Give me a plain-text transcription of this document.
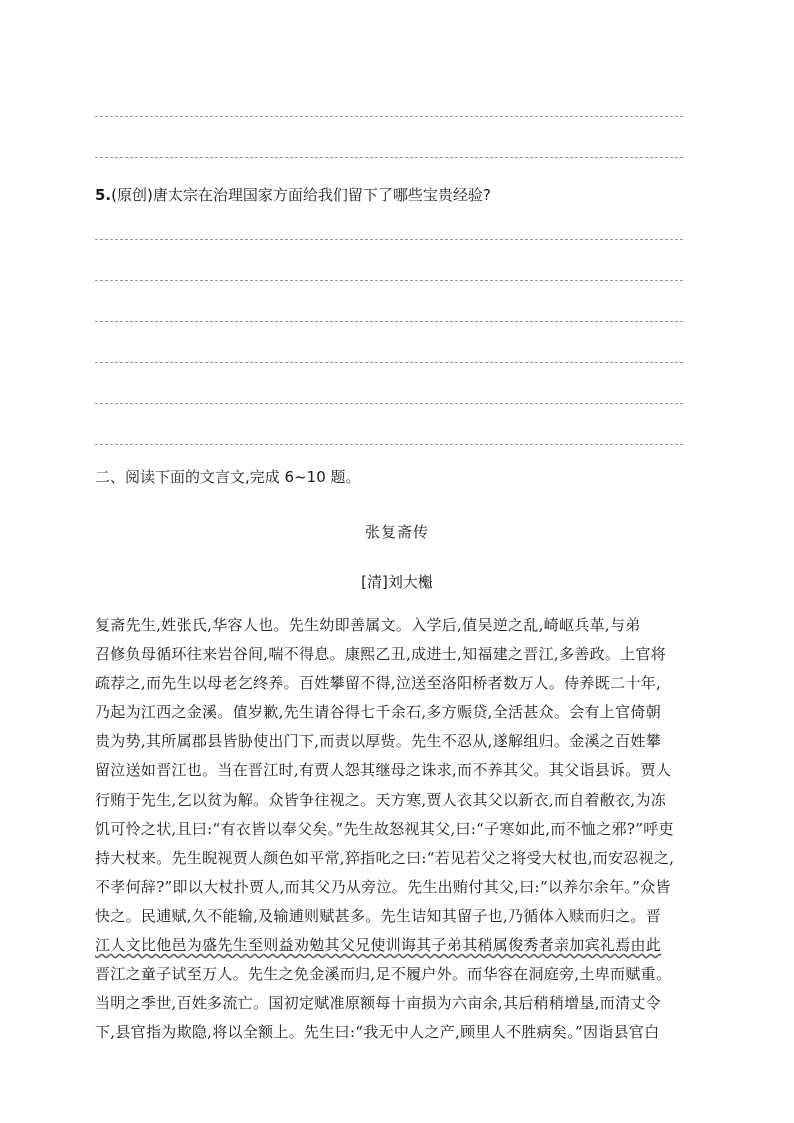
5.(原创)唐太宗在治理国家方面给我们留下了哪些宝贵经验?
二、阅读下面的文言文,完成 6~10 题。
张复斋传
[清]刘大櫆
复斋先生,姓张氏,华容人也。先生幼即善属文。入学后,值吴逆之乱,崎岖兵革,与弟
召修负母循环往来岩谷间,喘不得息。康熙乙丑,成进士,知福建之晋江,多善政。上官将
疏荐之,而先生以母老乞终养。百姓攀留不得,泣送至洛阳桥者数万人。侍养既二十年,
乃起为江西之金溪。值岁歉,先生请谷得七千余石,多方赈贷,全活甚众。会有上官倚朝
贵为势,其所属郡县皆胁使出门下,而责以厚赀。先生不忍从,遂解组归。金溪之百姓攀
留泣送如晋江也。当在晋江时,有贾人怨其继母之诛求,而不养其父。其父诣县诉。贾人
行贿于先生,乞以贫为解。众皆争往视之。天方寒,贾人衣其父以新衣,而自着敝衣,为冻
饥可怜之状,且曰:“有衣皆以奉父矣。”先生故怒视其父,曰:“子寒如此,而不恤之邪?”呼吏
持大杖来。先生睨视贾人颜色如平常,猝指叱之曰:“若见若父之将受大杖也,而安忍视之,
不孝何辞?”即以大杖扑贾人,而其父乃从旁泣。先生出贿付其父,曰:“以养尔余年。”众皆
快之。民逋赋,久不能输,及输逋则赋甚多。先生诘知其留子也,乃循体入赎而归之。晋
江人文比他邑为盛先生至则益劝勉其父兄使训诲其子弟其稍属俊秀者亲加宾礼焉由此
晋江之童子试至万人。先生之免金溪而归,足不履户外。而华容在洞庭旁,土卑而赋重。
当明之季世,百姓多流亡。国初定赋准原额每十亩损为六亩余,其后稍稍增垦,而清丈令
下,县官指为欺隐,将以全额上。先生曰:“我无中人之产,顾里人不胜病矣。”因诣县官白
